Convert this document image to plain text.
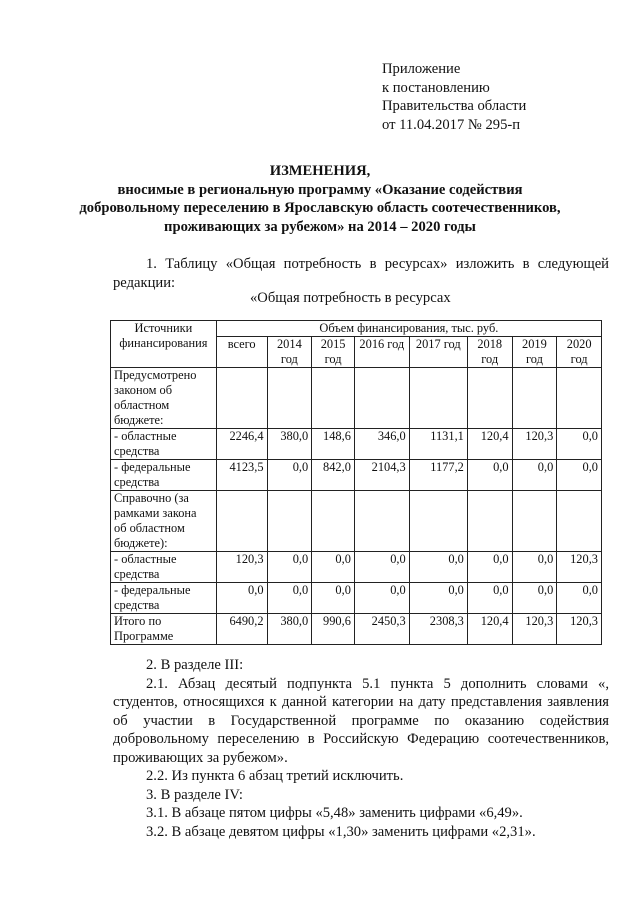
Приложение
к постановлению
Правительства области
от 11.04.2017 № 295-п
ИЗМЕНЕНИЯ,
вносимые в региональную программу «Оказание содействия
добровольному переселению в Ярославскую область соотечественников,
проживающих за рубежом» на 2014 – 2020 годы
1. Таблицу «Общая потребность в ресурсах» изложить в следующей редакции:
«Общая потребность в ресурсах
Источники финансирования	Объем финансирования, тыс. руб.							
	всего	2014 год	2015 год	2016 год	2017 год	2018 год	2019 год	2020 год
Предусмотрено законом об областном бюджете:								
- областные средства	2246,4	380,0	148,6	346,0	1131,1	120,4	120,3	0,0
- федеральные средства	4123,5	0,0	842,0	2104,3	1177,2	0,0	0,0	0,0
Справочно (за рамками закона об областном бюджете):								
- областные средства	120,3	0,0	0,0	0,0	0,0	0,0	0,0	120,3
- федеральные средства	0,0	0,0	0,0	0,0	0,0	0,0	0,0	0,0
Итого по Программе	6490,2	380,0	990,6	2450,3	2308,3	120,4	120,3	120,3
2. В разделе III:
2.1. Абзац десятый подпункта 5.1 пункта 5 дополнить словами «, студентов, относящихся к данной категории на дату представления заявления об участии в Государственной программе по оказанию содействия добровольному переселению в Российскую Федерацию соотечественников, проживающих за рубежом».
2.2. Из пункта 6 абзац третий исключить.
3. В разделе IV:
3.1. В абзаце пятом цифры «5,48» заменить цифрами «6,49».
3.2. В абзаце девятом цифры «1,30» заменить цифрами «2,31».
